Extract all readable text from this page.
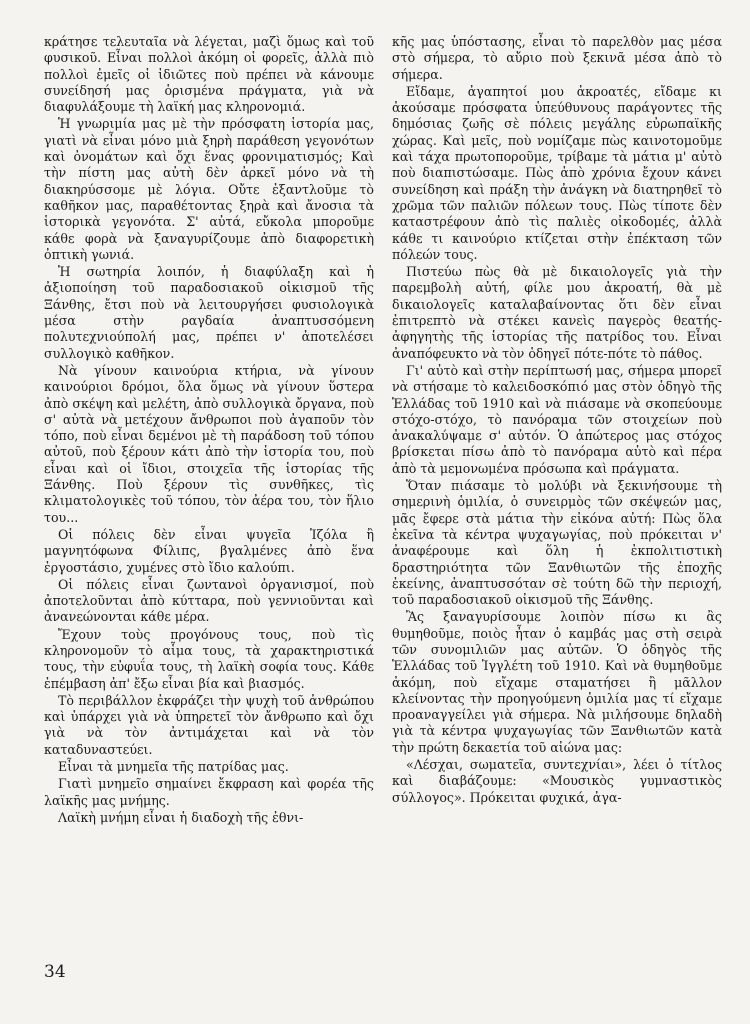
κράτησε τελευταῖα νὰ λέγεται, μαζὶ ὅμως καὶ τοῦ φυσικοῦ. Εἶναι πολλοὶ ἀκόμη οἱ φορεῖς, ἀλλὰ πιὸ πολλοὶ ἐμεῖς οἱ ἰδιῶτες ποὺ πρέπει νὰ κάνουμε συνείδησή μας ὁρισμένα πράγματα, γιὰ νὰ διαφυλάξουμε τὴ λαϊκή μας κληρονομιά.

Ἡ γνωριμία μας μὲ τὴν πρόσφατη ἱστορία μας, γιατὶ νὰ εἶναι μόνο μιὰ ξηρὴ παράθεση γεγονότων καὶ ὀνομάτων καὶ ὄχι ἕνας φρονιματισμός; Καὶ τὴν πίστη μας αὐτὴ δὲν ἀρκεῖ μόνο νὰ τὴ διακηρύσσομε μὲ λόγια. Οὔτε ἐξαντλοῦμε τὸ καθῆκον μας, παραθέτοντας ξηρὰ καὶ ἄνοσια τὰ ἱστορικὰ γεγονότα. Σ' αὐτά, εὔκολα μποροῦμε κάθε φορὰ νὰ ξαναγυρίζουμε ἀπὸ διαφορετικὴ ὀπτικὴ γωνιά.

Ἡ σωτηρία λοιπόν, ἡ διαφύλαξη καὶ ἡ ἀξιοποίηση τοῦ παραδοσιακοῦ οἰκισμοῦ τῆς Ξάνθης, ἔτσι ποὺ νὰ λειτουργήσει φυσιολογικὰ μέσα στὴν ραγδαία ἀναπτυσσόμενη πολυτεχνιούπολή μας, πρέπει ν' ἀποτελέσει συλλογικὸ καθῆκον.

Νὰ γίνουν καινούρια κτήρια, νὰ γίνουν καινούριοι δρόμοι, ὅλα ὅμως νὰ γίνουν ὕστερα ἀπὸ σκέψη καὶ μελέτη, ἀπὸ συλλογικὰ ὄργανα, ποὺ σ' αὐτὰ νὰ μετέχουν ἄνθρωποι ποὺ ἀγαποῦν τὸν τόπο, ποὺ εἶναι δεμένοι μὲ τὴ παράδοση τοῦ τόπου αὐτοῦ, ποὺ ξέρουν κάτι ἀπὸ τὴν ἱστορία του, ποὺ εἶναι καὶ οἱ ἴδιοι, στοιχεῖα τῆς ἱστορίας τῆς Ξάνθης. Ποὺ ξέρουν τὶς συνθῆκες, τὶς κλιματολογικὲς τοῦ τόπου, τὸν ἀέρα του, τὸν ἥλιο του...

Οἱ πόλεις δὲν εἶναι ψυγεῖα Ἰζόλα ἢ μαγνητόφωνα Φίλιπς, βγαλμένες ἀπὸ ἕνα ἐργοστάσιο, χυμένες στὸ ἴδιο καλούπι.

Οἱ πόλεις εἶναι ζωντανοὶ ὀργανισμοί, ποὺ ἀποτελοῦνται ἀπὸ κύτταρα, ποὺ γεννιοῦνται καὶ ἀνανεώνονται κάθε μέρα.

Ἔχουν τοὺς προγόνους τους, ποὺ τὶς κληρονομοῦν τὸ αἷμα τους, τὰ χαρακτηριστικά τους, τὴν εὐφυΐα τους, τὴ λαϊκὴ σοφία τους. Κάθε ἐπέμβαση ἀπ' ἔξω εἶναι βία καὶ βιασμός.

Τὸ περιβάλλον ἐκφράζει τὴν ψυχὴ τοῦ ἀνθρώπου καὶ ὑπάρχει γιὰ νὰ ὑπηρετεῖ τὸν ἄνθρωπο καὶ ὄχι γιὰ νὰ τὸν ἀντιμάχεται καὶ νὰ τὸν καταδυναστεύει.

Εἶναι τὰ μνημεῖα τῆς πατρίδας μας.

Γιατὶ μνημεῖο σημαίνει ἔκφραση καὶ φορέα τῆς λαϊκῆς μας μνήμης.

Λαϊκὴ μνήμη εἶναι ἡ διαδοχὴ τῆς ἐθνι-

κῆς μας ὑπόστασης, εἶναι τὸ παρελθὸν μας μέσα στὸ σήμερα, τὸ αὔριο ποὺ ξεκινᾶ μέσα ἀπὸ τὸ σήμερα.

Εἴδαμε, ἀγαπητοί μου ἀκροατές, εἴδαμε κι ἀκούσαμε πρόσφατα ὑπεύθυνους παράγοντες τῆς δημόσιας ζωῆς σὲ πόλεις μεγάλης εὐρωπαϊκῆς χώρας. Καὶ μεῖς, ποὺ νομίζαμε πὼς καινοτομοῦμε καὶ τάχα πρωτοποροῦμε, τρίβαμε τὰ μάτια μ' αὐτὸ ποὺ διαπιστώσαμε. Πὼς ἀπὸ χρόνια ἔχουν κάνει συνείδηση καὶ πράξη τὴν ἀνάγκη νὰ διατηρηθεῖ τὸ χρῶμα τῶν παλιῶν πόλεων τους. Πὼς τίποτε δὲν καταστρέφουν ἀπὸ τὶς παλιὲς οἰκοδομές, ἀλλὰ κάθε τι καινούριο κτίζεται στὴν ἐπέκταση τῶν πόλεών τους.

Πιστεύω πὼς θὰ μὲ δικαιολογεῖς γιὰ τὴν παρεμβολὴ αὐτή, φίλε μου ἀκροατή, θὰ μὲ δικαιολογεῖς καταλαβαίνοντας ὅτι δὲν εἶναι ἐπιτρεπτὸ νὰ στέκει κανεὶς παγερὸς θεατής-ἀφηγητὴς τῆς ἱστορίας τῆς πατρίδος του. Εἶναι ἀναπόφευκτο νὰ τὸν ὁδηγεῖ πότε-πότε τὸ πάθος.

Γι' αὐτὸ καὶ στὴν περίπτωσή μας, σήμερα μπορεῖ νὰ στήσαμε τὸ καλειδοσκόπιό μας στὸν ὁδηγὸ τῆς Ἑλλάδας τοῦ 1910 καὶ νὰ πιάσαμε νὰ σκοπεύουμε στόχο-στόχο, τὸ πανόραμα τῶν στοιχείων ποὺ ἀνακαλύψαμε σ' αὐτόν. Ὁ ἀπώτερος μας στόχος βρίσκεται πίσω ἀπὸ τὸ πανόραμα αὐτὸ καὶ πέρα ἀπὸ τὰ μεμονωμένα πρόσωπα καὶ πράγματα.

Ὅταν πιάσαμε τὸ μολύβι νὰ ξεκινήσουμε τὴ σημερινὴ ὁμιλία, ὁ συνειρμὸς τῶν σκέψεών μας, μᾶς ἔφερε στὰ μάτια τὴν εἰκόνα αὐτή: Πὼς ὅλα ἐκεῖνα τὰ κέντρα ψυχαγωγίας, ποὺ πρόκειται ν' ἀναφέρουμε καὶ ὅλη ἡ ἐκπολιτιστικὴ δραστηριότητα τῶν Ξανθιωτῶν τῆς ἐποχῆς ἐκείνης, ἀναπτυσσόταν σὲ τούτη δῶ τὴν περιοχή, τοῦ παραδοσιακοῦ οἰκισμοῦ τῆς Ξάνθης.

Ἂς ξαναγυρίσουμε λοιπὸν πίσω κι ἂς θυμηθοῦμε, ποιὸς ἦταν ὁ καμβάς μας στὴ σειρὰ τῶν συνομιλιῶν μας αὐτῶν. Ὁ ὁδηγὸς τῆς Ἑλλάδας τοῦ Ἰγγλέτη τοῦ 1910. Καὶ νὰ θυμηθοῦμε ἀκόμη, ποὺ εἴχαμε σταματήσει ἢ μᾶλλον κλείνοντας τὴν προηγούμενη ὁμιλία μας τί εἴχαμε προαναγγείλει γιὰ σήμερα. Νὰ μιλήσουμε δηλαδὴ γιὰ τὰ κέντρα ψυχαγωγίας τῶν Ξανθιωτῶν κατὰ τὴν πρώτη δεκαετία τοῦ αἰώνα μας:

«Λέσχαι, σωματεῖα, συντεχνίαι», λέει ὁ τίτλος καὶ διαβάζουμε: «Μουσικὸς γυμναστικὸς σύλλογος». Πρόκειται φυχικά, ἀγα-

34
